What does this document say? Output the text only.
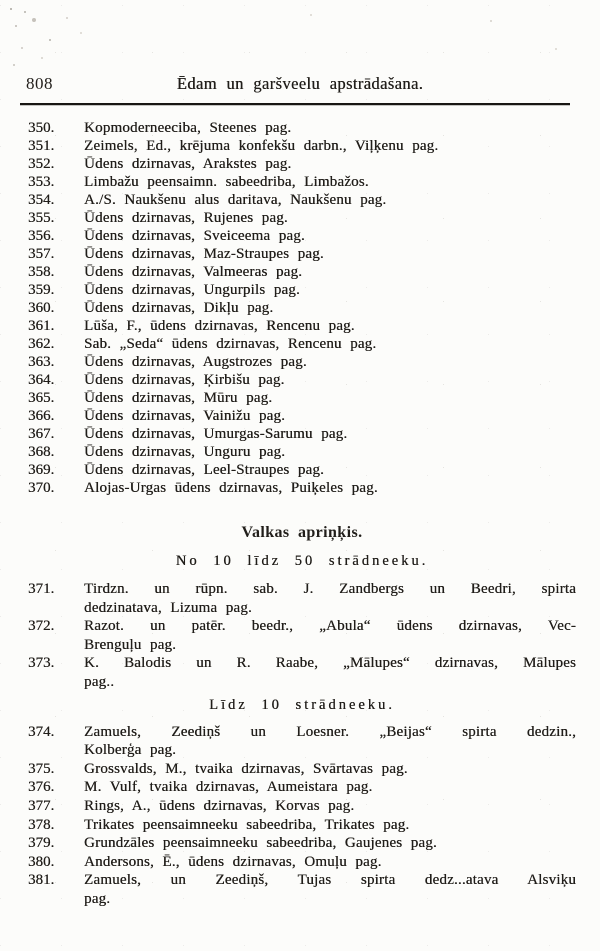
808	Ēdam un garšveelu apstrādašana.
350.	Kopmoderneeciba, Steenes pag.
351.	Zeimels, Ed., krējuma konfekšu darbn., Viļķenu pag.
352.	Ūdens dzirnavas, Arakstes pag.
353.	Limbažu peensaimn. sabeedriba, Limbažos.
354.	A./S. Naukšenu alus daritava, Naukšenu pag.
355.	Ūdens dzirnavas, Rujenes pag.
356.	Ūdens dzirnavas, Sveiceema pag.
357.	Ūdens dzirnavas, Maz-Straupes pag.
358.	Ūdens dzirnavas, Valmeeras pag.
359.	Ūdens dzirnavas, Ungurpils pag.
360.	Ūdens dzirnavas, Dikļu pag.
361.	Lūša, F., ūdens dzirnavas, Rencenu pag.
362.	Sab. „Seda“ ūdens dzirnavas, Rencenu pag.
363.	Ūdens dzirnavas, Augstrozes pag.
364.	Ūdens dzirnavas, Ķirbišu pag.
365.	Ūdens dzirnavas, Mūru pag.
366.	Ūdens dzirnavas, Vainižu pag.
367.	Ūdens dzirnavas, Umurgas-Sarumu pag.
368.	Ūdens dzirnavas, Unguru pag.
369.	Ūdens dzirnavas, Leel-Straupes pag.
370.	Alojas-Urgas ūdens dzirnavas, Puiķeles pag.
Valkas apriņķis.
No 10 līdz 50 strādneeku.
371.	Tirdzn. un rūpn. sab. J. Zandbergs un Beedri, spirta
dedzinatava, Lizuma pag.
372.	Razot. un patēr. beedr., „Abula“ ūdens dzirnavas, Vec-
Brenguļu pag.
373.	K. Balodis un R. Raabe, „Mālupes“ dzirnavas, Mālupes
pag..
Līdz 10 strādneeku.
374.	Zamuels, Zeediņš un Loesner. „Beijas“ spirta dedzin.,
Kolberģa pag.
375.	Grossvalds, M., tvaika dzirnavas, Svārtavas pag.
376.	M. Vulf, tvaika dzirnavas, Aumeistara pag.
377.	Rings, A., ūdens dzirnavas, Korvas pag.
378.	Trikates peensaimneeku sabeedriba, Trikates pag.
379.	Grundzāles peensaimneeku sabeedriba, Gaujenes pag.
380.	Andersons, Ē., ūdens dzirnavas, Omuļu pag.
381.	Zamuels, un Zeediņš, Tujas spirta dedz...atava Alsviķu
pag.
